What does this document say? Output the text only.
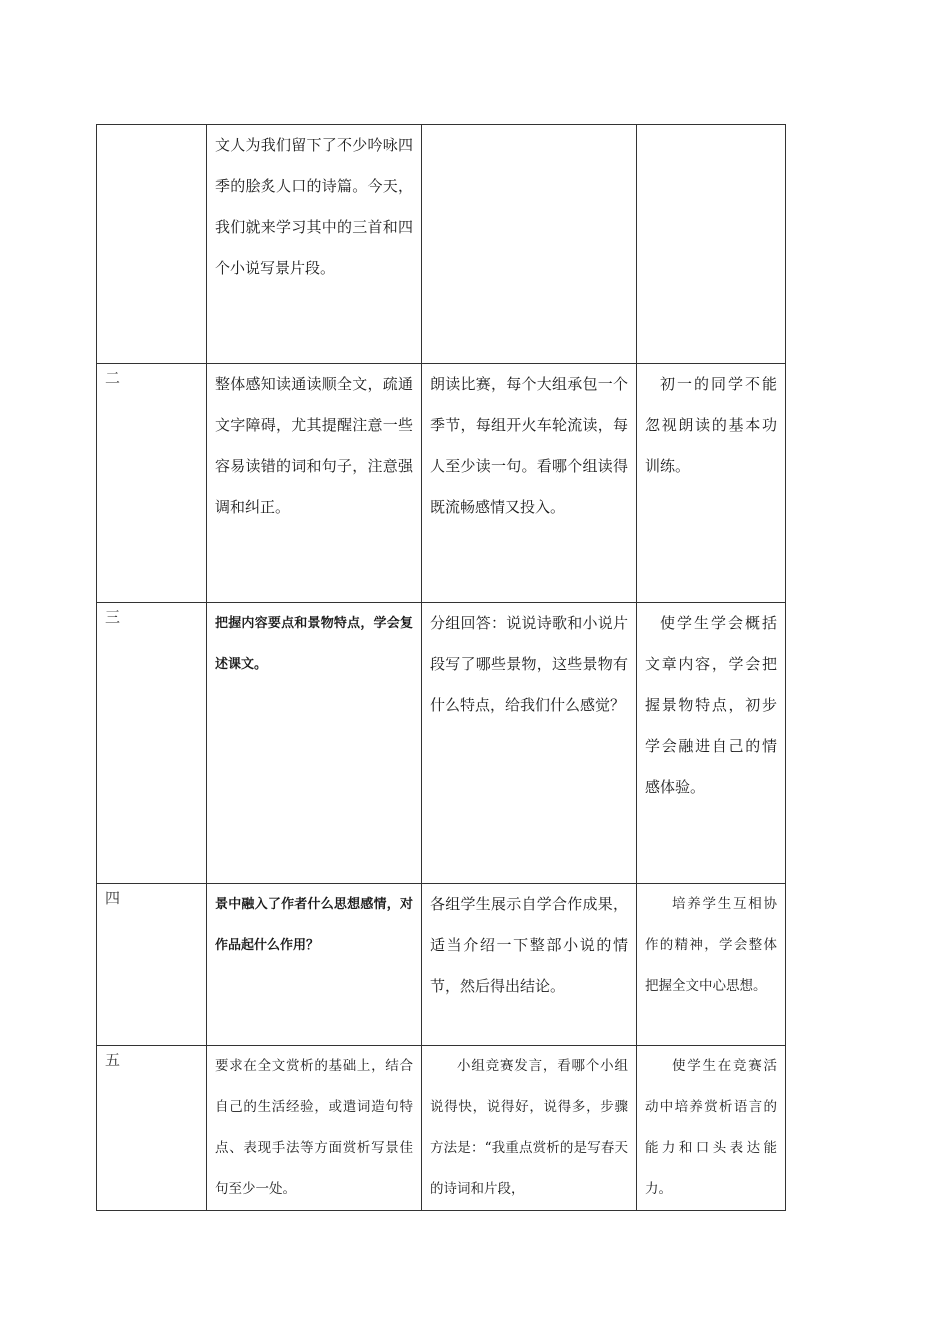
	文人为我们留下了不少吟咏四季的脍炙人口的诗篇。今天，我们就来学习其中的三首和四个小说写景片段。		

二	整体感知读通读顺全文，疏通文字障碍，尤其提醒注意一些容易读错的词和句子，注意强调和纠正。	朗读比赛，每个大组承包一个季节，每组开火车轮流读，每人至少读一句。看哪个组读得既流畅感情又投入。	初一的同学不能忽视朗读的基本功训练。

三	把握内容要点和景物特点，学会复述课文。	分组回答：说说诗歌和小说片段写了哪些景物，这些景物有什么特点，给我们什么感觉？	使学生学会概括文章内容，学会把握景物特点，初步学会融进自己的情感体验。

四	景中融入了作者什么思想感情，对作品起什么作用？	各组学生展示自学合作成果，适当介绍一下整部小说的情节，然后得出结论。	培养学生互相协作的精神，学会整体把握全文中心思想。

五	要求在全文赏析的基础上，结合自己的生活经验，或遣词造句特点、表现手法等方面赏析写景佳句至少一处。	小组竞赛发言，看哪个小组说得快，说得好，说得多，步骤方法是：“我重点赏析的是写春天的诗词和片段，	使学生在竞赛活动中培养赏析语言的能力和口头表达能力。
